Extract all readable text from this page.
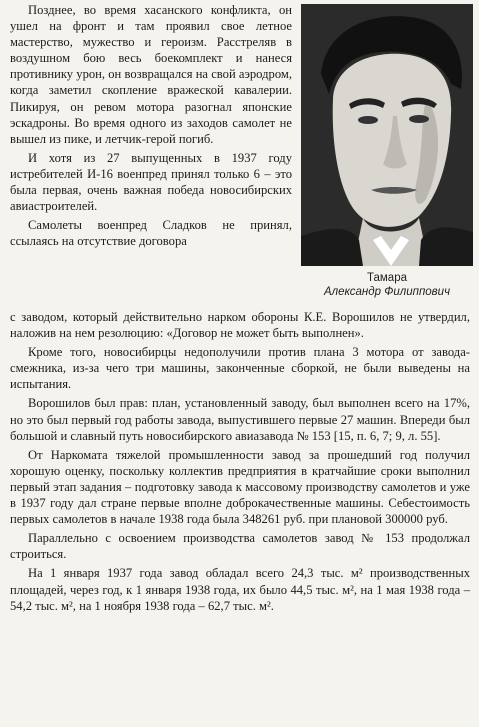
Позднее, во время хасанского конфликта, он ушел на фронт и там проявил свое летное мастерство, мужество и героизм. Расстреляв в воздушном бою весь боекомплект и нанеся противнику урон, он возвращался на свой аэродром, когда заметил скопление вражеской кавалерии. Пикируя, он ревом мотора разогнал японские эскадроны. Во время одного из заходов самолет не вышел из пике, и летчик-герой погиб.

И хотя из 27 выпущенных в 1937 году истребителей И-16 военпред принял только 6 – это была первая, очень важная победа новосибирских авиастроителей.

Самолеты военпред Сладков не принял, ссылаясь на отсутствие договора

Тамара
Александр Филиппович

с заводом, который действительно нарком обороны К.Е. Ворошилов не утвердил, наложив на нем резолюцию: «Договор не может быть выполнен».

Кроме того, новосибирцы недополучили против плана 3 мотора от завода-смежника, из-за чего три машины, законченные сборкой, не были выведены на испытания.

Ворошилов был прав: план, установленный заводу, был выполнен всего на 17%, но это был первый год работы завода, выпустившего первые 27 машин. Впереди был большой и славный путь новосибирского авиазавода № 153 [15, п. 6, 7; 9, л. 55].

От Наркомата тяжелой промышленности завод за прошедший год получил хорошую оценку, поскольку коллектив предприятия в кратчайшие сроки выполнил первый этап задания – подготовку завода к массовому производству самолетов и уже в 1937 году дал стране первые вполне доброкачественные машины. Себестоимость первых самолетов в начале 1938 года была 348261 руб. при плановой 300000 руб.

Параллельно с освоением производства самолетов завод № 153 продолжал строиться.

На 1 января 1937 года завод обладал всего 24,3 тыс. м² производственных площадей, через год, к 1 января 1938 года, их было 44,5 тыс. м², на 1 мая 1938 года – 54,2 тыс. м², на 1 ноября 1938 года – 62,7 тыс. м².
